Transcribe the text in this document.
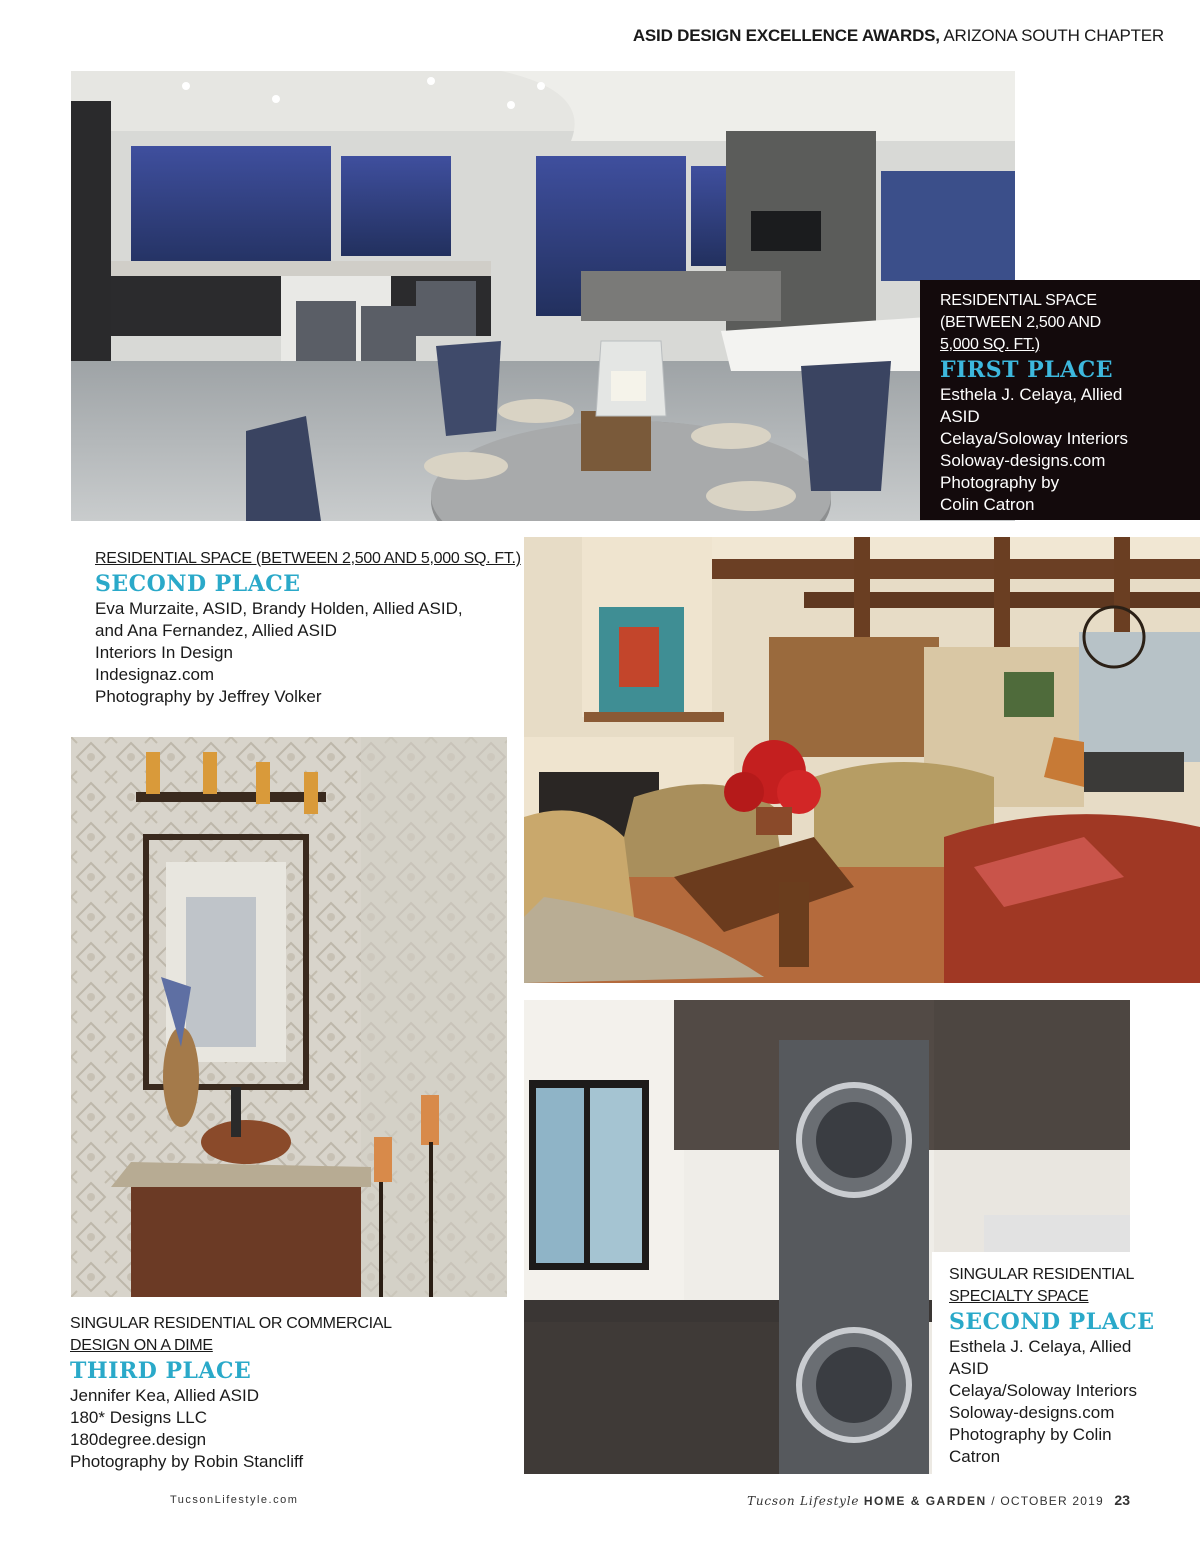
ASID DESIGN EXCELLENCE AWARDS, ARIZONA SOUTH CHAPTER
RESIDENTIAL SPACE
(BETWEEN 2,500 AND
5,000 SQ. FT.)
FIRST PLACE
Esthela J. Celaya, Allied
ASID
Celaya/Soloway Interiors
Soloway-designs.com
Photography by
Colin Catron
RESIDENTIAL SPACE (BETWEEN 2,500 AND 5,000 SQ. FT.)
SECOND PLACE
Eva Murzaite, ASID, Brandy Holden, Allied ASID,
and Ana Fernandez, Allied ASID
Interiors In Design
Indesignaz.com
Photography by Jeffrey Volker
SINGULAR RESIDENTIAL OR COMMERCIAL
DESIGN ON A DIME
THIRD PLACE
Jennifer Kea, Allied ASID
180* Designs LLC
180degree.design
Photography by Robin Stancliff
SINGULAR RESIDENTIAL
SPECIALTY SPACE
SECOND PLACE
Esthela J. Celaya, Allied
ASID
Celaya/Soloway Interiors
Soloway-designs.com
Photography by Colin
Catron
TucsonLifestyle.com	Tucson Lifestyle HOME & GARDEN / OCTOBER 2019 23
